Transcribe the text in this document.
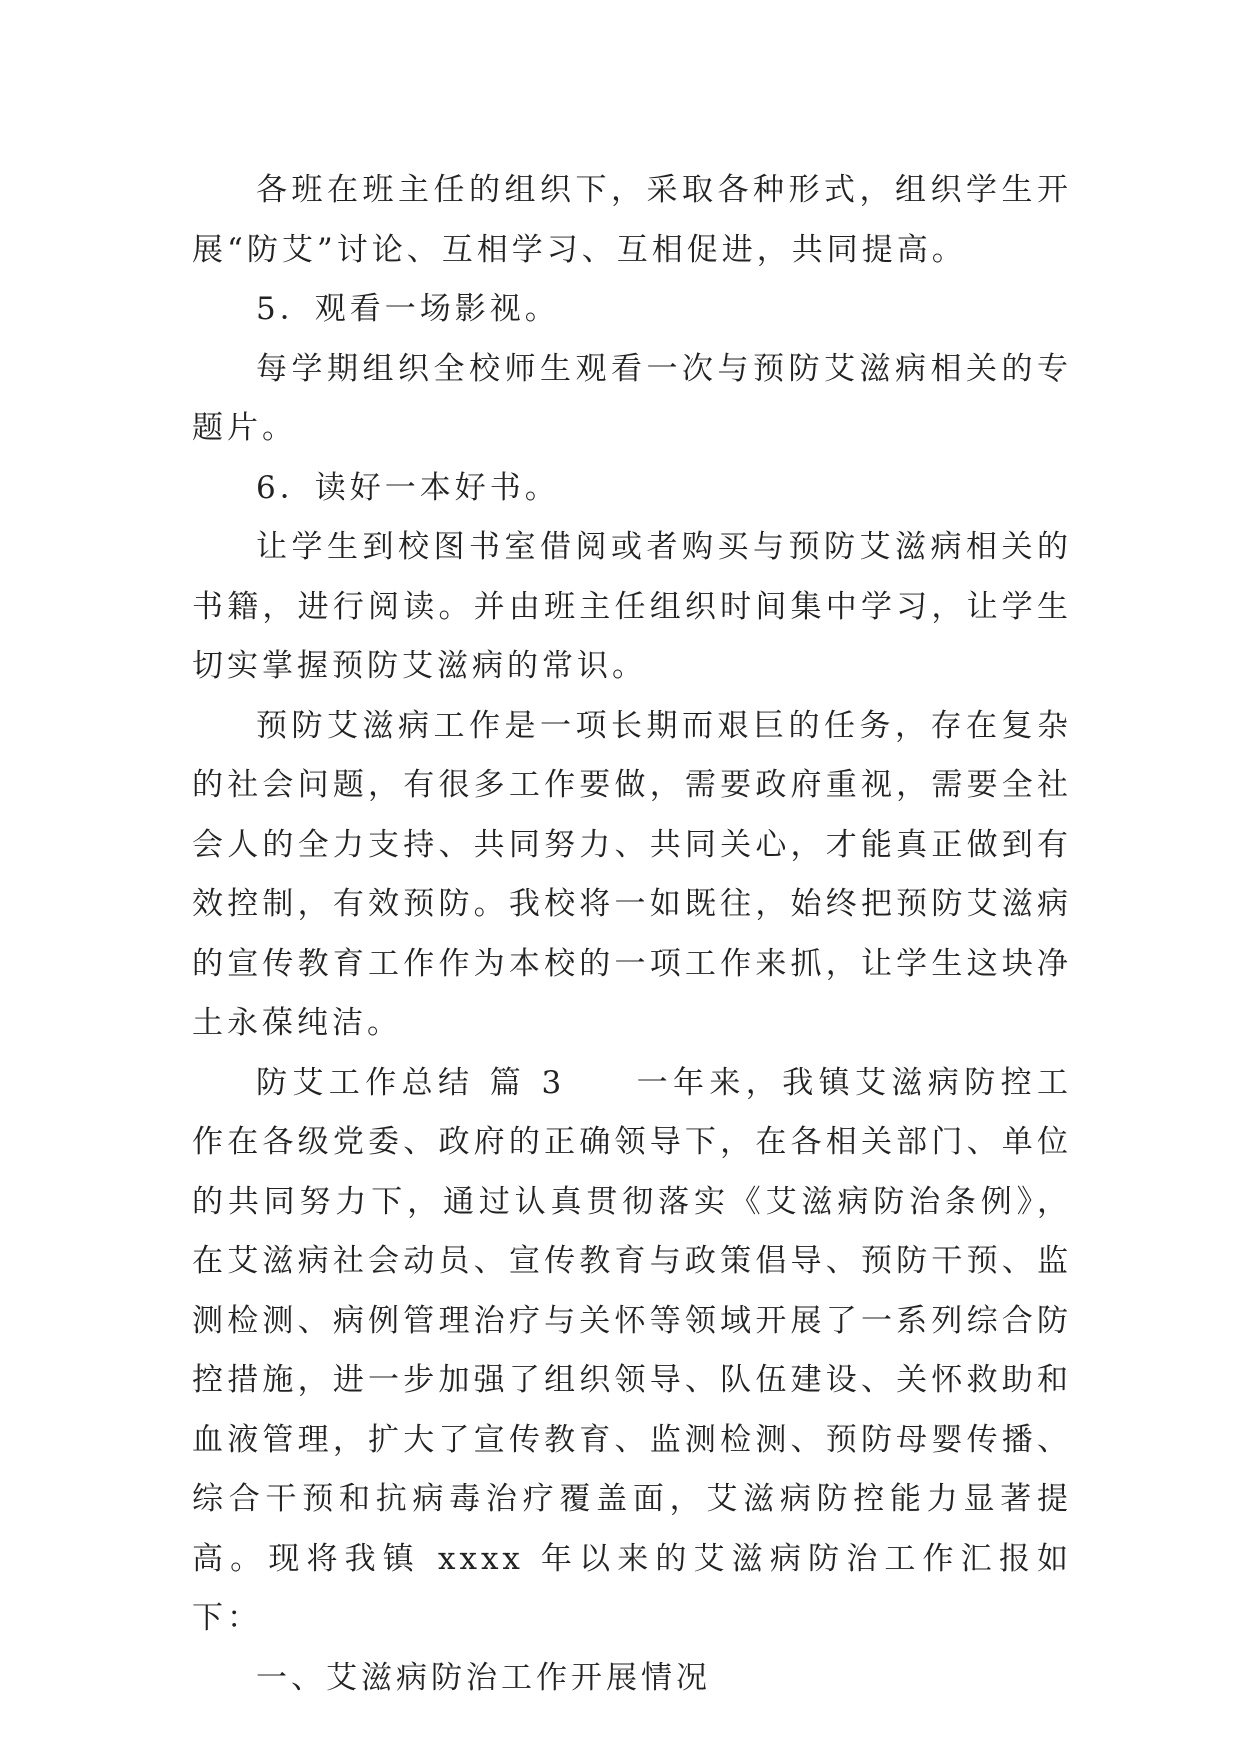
各班在班主任的组织下，采取各种形式，组织学生开展“防艾”讨论、互相学习、互相促进，共同提高。

5．观看一场影视。

每学期组织全校师生观看一次与预防艾滋病相关的专题片。

6．读好一本好书。

让学生到校图书室借阅或者购买与预防艾滋病相关的书籍，进行阅读。并由班主任组织时间集中学习，让学生切实掌握预防艾滋病的常识。

预防艾滋病工作是一项长期而艰巨的任务，存在复杂的社会问题，有很多工作要做，需要政府重视，需要全社会人的全力支持、共同努力、共同关心，才能真正做到有效控制，有效预防。我校将一如既往，始终把预防艾滋病的宣传教育工作作为本校的一项工作来抓，让学生这块净土永葆纯洁。

防艾工作总结 篇 3 一年来，我镇艾滋病防控工作在各级党委、政府的正确领导下，在各相关部门、单位的共同努力下，通过认真贯彻落实《艾滋病防治条例》，在艾滋病社会动员、宣传教育与政策倡导、预防干预、监测检测、病例管理治疗与关怀等领域开展了一系列综合防控措施，进一步加强了组织领导、队伍建设、关怀救助和血液管理，扩大了宣传教育、监测检测、预防母婴传播、综合干预和抗病毒治疗覆盖面，艾滋病防控能力显著提高。现将我镇 xxxx 年以来的艾滋病防治工作汇报如下：

一、艾滋病防治工作开展情况
